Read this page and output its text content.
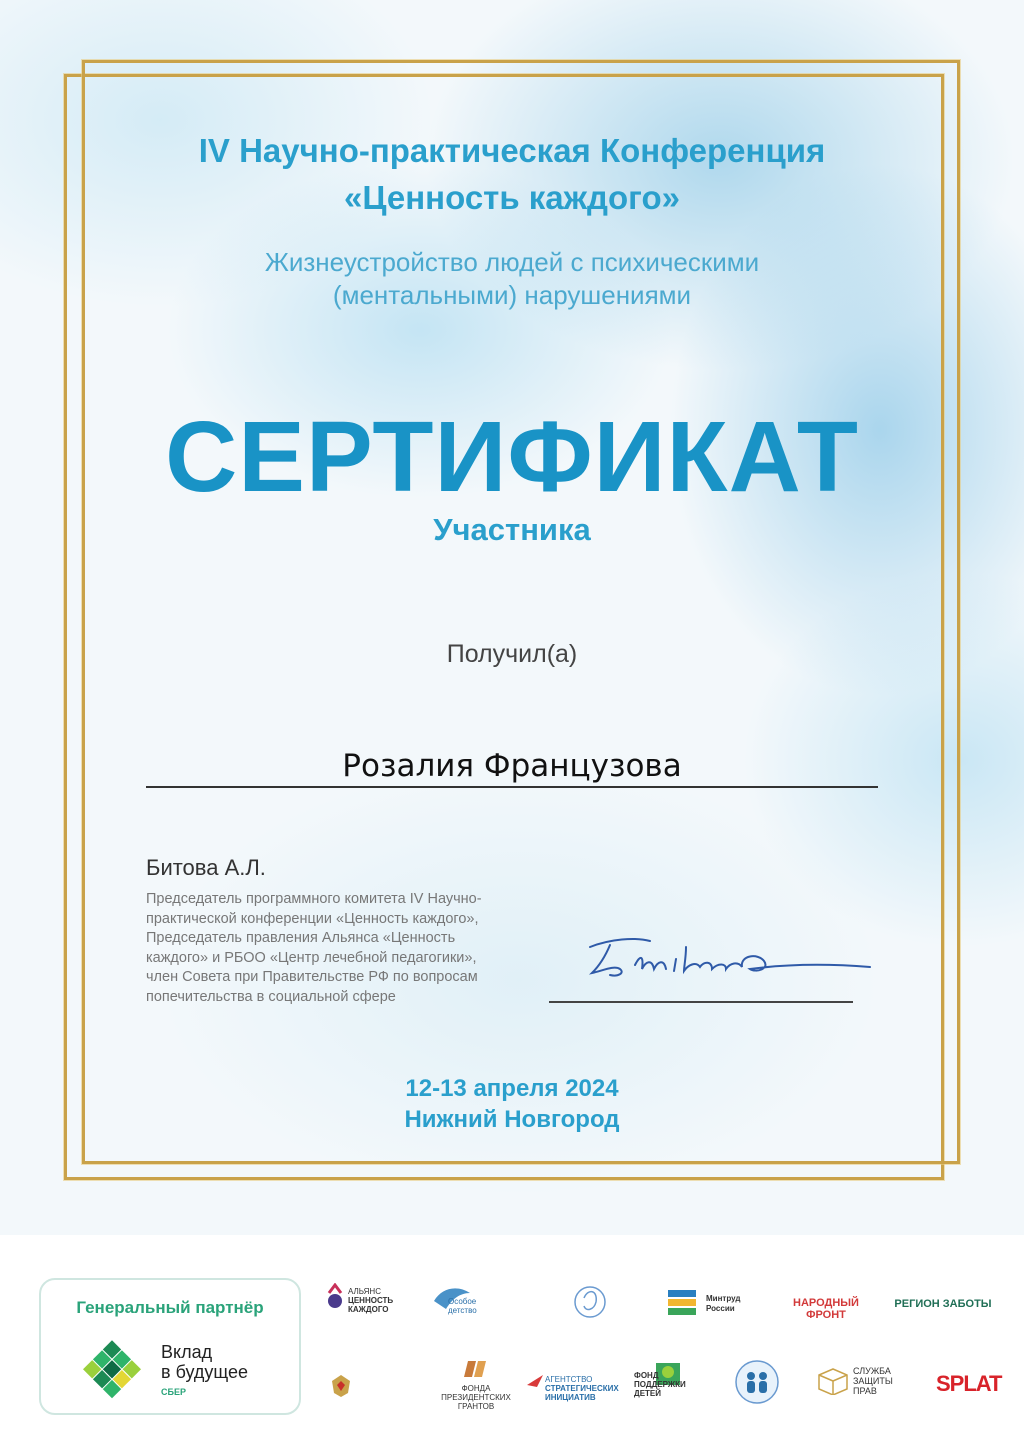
IV Научно-практическая Конференция
«Ценность каждого»
Жизнеустройство людей с психическими
(ментальными) нарушениями
СЕРТИФИКАТ
Участника
Получил(а)
Розалия Французова
Битова А.Л.
Председатель программного комитета IV Научно-
практической конференции «Ценность каждого»,
Председатель правления Альянса «Ценность
каждого» и РБОО «Центр лечебной педагогики»,
член Совета при Правительстве РФ по вопросам
попечительства в социальной сфере
12-13 апреля 2024
Нижний Новгород
Генеральный партнёр
Вклад
в будущее
СБЕР
АЛЬЯНС
ЦЕННОСТЬ
КАЖДОГО
Особое
детство
Минтруд
России	НАРОДНЫЙ
ФРОНТ
РЕГИОН ЗАБОТЫ
ФОНДА
ПРЕЗИДЕНТСКИХ
ГРАНТОВ
АГЕНТСТВО
СТРАТЕГИЧЕСКИХ
ИНИЦИАТИВ
ФОНД
ПОДДЕРЖКИ
ДЕТЕЙ
СЛУЖБА
ЗАЩИТЫ
ПРАВ	SPLAT
